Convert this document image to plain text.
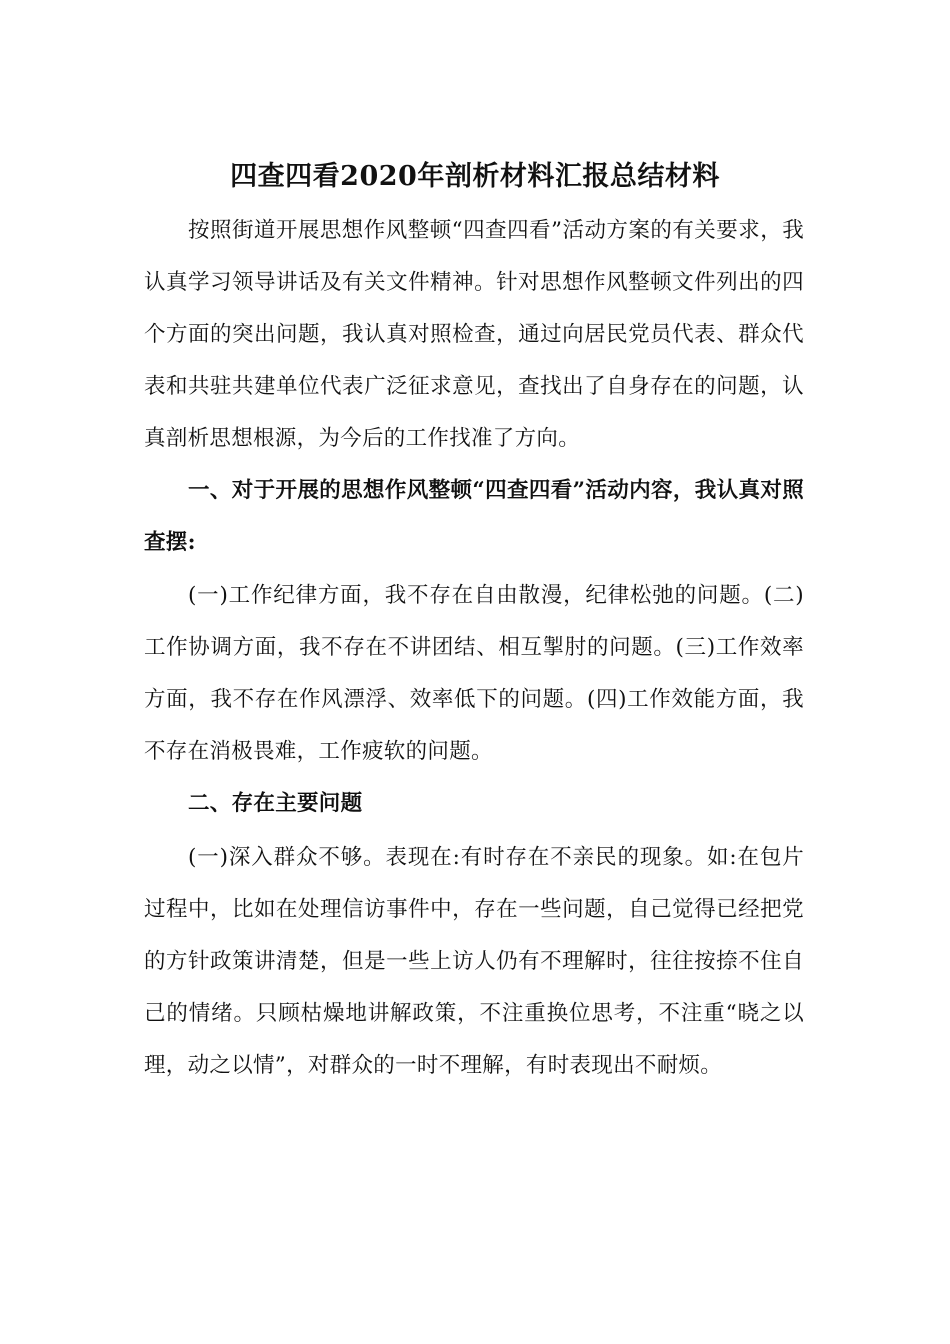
四查四看2020年剖析材料汇报总结材料

按照街道开展思想作风整顿“四查四看”活动方案的有关要求，我认真学习领导讲话及有关文件精神。针对思想作风整顿文件列出的四个方面的突出问题，我认真对照检查，通过向居民党员代表、群众代表和共驻共建单位代表广泛征求意见，查找出了自身存在的问题，认真剖析思想根源，为今后的工作找准了方向。

一、对于开展的思想作风整顿“四查四看”活动内容，我认真对照查摆:

(一)工作纪律方面，我不存在自由散漫，纪律松弛的问题。(二)工作协调方面，我不存在不讲团结、相互掣肘的问题。(三)工作效率方面，我不存在作风漂浮、效率低下的问题。(四)工作效能方面，我不存在消极畏难，工作疲软的问题。

二、存在主要问题

(一)深入群众不够。表现在:有时存在不亲民的现象。如:在包片过程中，比如在处理信访事件中，存在一些问题，自己觉得已经把党的方针政策讲清楚，但是一些上访人仍有不理解时，往往按捺不住自己的情绪。只顾枯燥地讲解政策，不注重换位思考，不注重“晓之以理，动之以情”，对群众的一时不理解，有时表现出不耐烦。
